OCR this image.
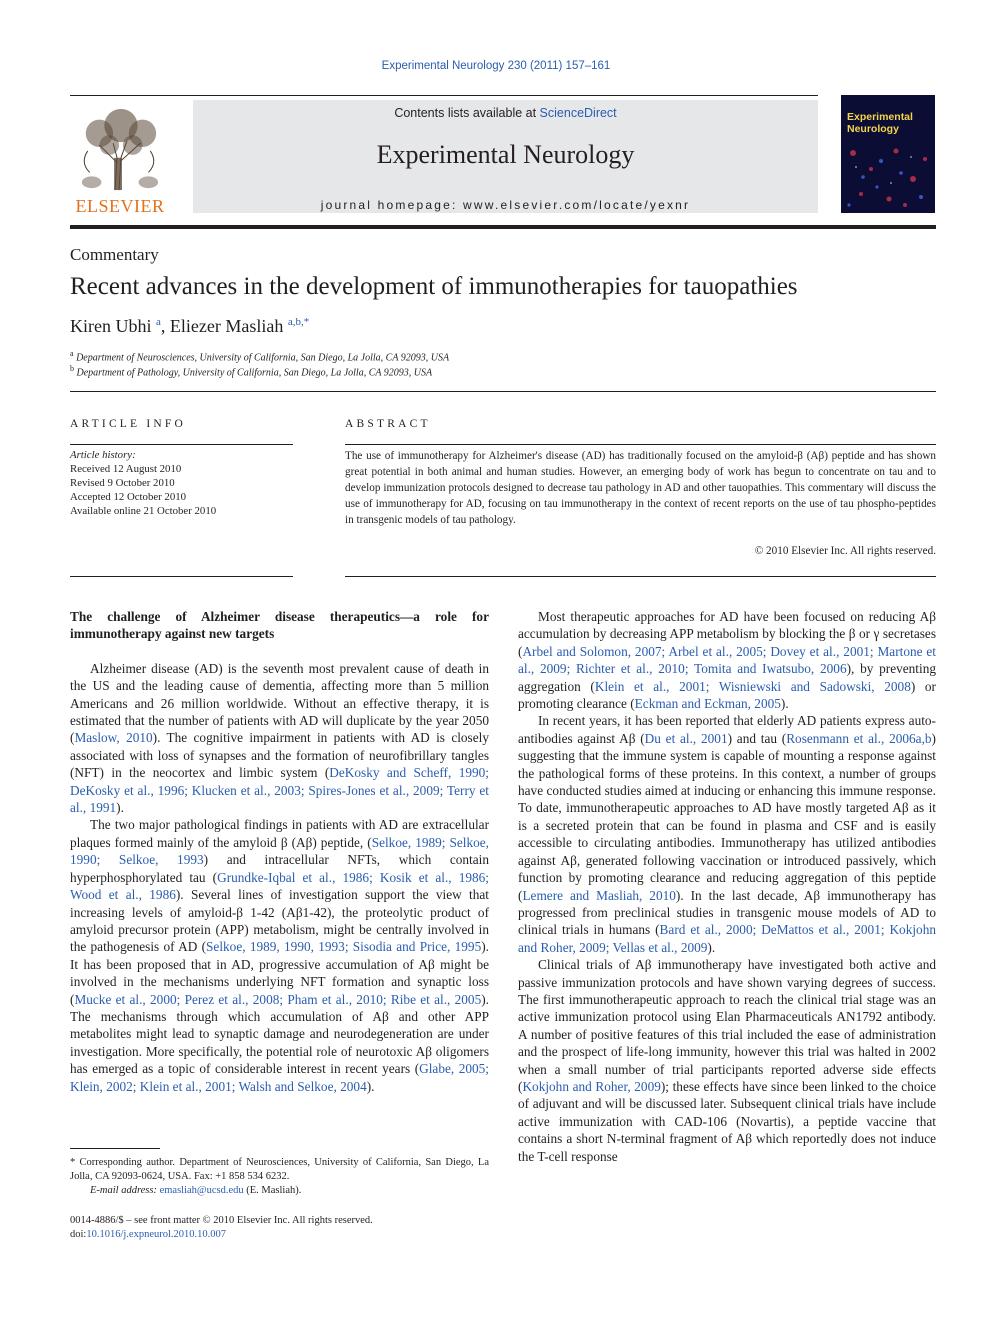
Experimental Neurology 230 (2011) 157–161
ELSEVIER
Contents lists available at ScienceDirect
Experimental Neurology
journal homepage: www.elsevier.com/locate/yexnr
Experimental Neurology
Commentary
Recent advances in the development of immunotherapies for tauopathies
Kiren Ubhi $^a$, Eliezer Masliah $^{a,b,*}$
$^a$ Department of Neurosciences, University of California, San Diego, La Jolla, CA 92093, USA
$^b$ Department of Pathology, University of California, San Diego, La Jolla, CA 92093, USA
ARTICLE INFO
Article history:
Received 12 August 2010
Revised 9 October 2010
Accepted 12 October 2010
Available online 21 October 2010
ABSTRACT
The use of immunotherapy for Alzheimer's disease (AD) has traditionally focused on the amyloid-β (Aβ) peptide and has shown great potential in both animal and human studies. However, an emerging body of work has begun to concentrate on tau and to develop immunization protocols designed to decrease tau pathology in AD and other tauopathies. This commentary will discuss the use of immunotherapy for AD, focusing on tau immunotherapy in the context of recent reports on the use of tau phospho-peptides in transgenic models of tau pathology.
© 2010 Elsevier Inc. All rights reserved.
The challenge of Alzheimer disease therapeutics—a role for immunotherapy against new targets

Alzheimer disease (AD) is the seventh most prevalent cause of death in the US and the leading cause of dementia, affecting more than 5 million Americans and 26 million worldwide. Without an effective therapy, it is estimated that the number of patients with AD will duplicate by the year 2050 (Maslow, 2010). The cognitive impairment in patients with AD is closely associated with loss of synapses and the formation of neurofibrillary tangles (NFT) in the neocortex and limbic system (DeKosky and Scheff, 1990; DeKosky et al., 1996; Klucken et al., 2003; Spires-Jones et al., 2009; Terry et al., 1991).

The two major pathological findings in patients with AD are extracellular plaques formed mainly of the amyloid β (Aβ) peptide, (Selkoe, 1989; Selkoe, 1990; Selkoe, 1993) and intracellular NFTs, which contain hyperphosphorylated tau (Grundke-Iqbal et al., 1986; Kosik et al., 1986; Wood et al., 1986). Several lines of investigation support the view that increasing levels of amyloid-β 1-42 (Aβ1-42), the proteolytic product of amyloid precursor protein (APP) metabolism, might be centrally involved in the pathogenesis of AD (Selkoe, 1989, 1990, 1993; Sisodia and Price, 1995). It has been proposed that in AD, progressive accumulation of Aβ might be involved in the mechanisms underlying NFT formation and synaptic loss (Mucke et al., 2000; Perez et al., 2008; Pham et al., 2010; Ribe et al., 2005). The mechanisms through which accumulation of Aβ and other APP metabolites might lead to synaptic damage and neurodegeneration are under investigation. More specifically, the potential role of neurotoxic Aβ oligomers has emerged as a topic of considerable interest in recent years (Glabe, 2005; Klein, 2002; Klein et al., 2001; Walsh and Selkoe, 2004).

Most therapeutic approaches for AD have been focused on reducing Aβ accumulation by decreasing APP metabolism by blocking the β or γ secretases (Arbel and Solomon, 2007; Arbel et al., 2005; Dovey et al., 2001; Martone et al., 2009; Richter et al., 2010; Tomita and Iwatsubo, 2006), by preventing aggregation (Klein et al., 2001; Wisniewski and Sadowski, 2008) or promoting clearance (Eckman and Eckman, 2005).

In recent years, it has been reported that elderly AD patients express auto-antibodies against Aβ (Du et al., 2001) and tau (Rosenmann et al., 2006a,b) suggesting that the immune system is capable of mounting a response against the pathological forms of these proteins. In this context, a number of groups have conducted studies aimed at inducing or enhancing this immune response. To date, immunotherapeutic approaches to AD have mostly targeted Aβ as it is a secreted protein that can be found in plasma and CSF and is easily accessible to circulating antibodies. Immunotherapy has utilized antibodies against Aβ, generated following vaccination or introduced passively, which function by promoting clearance and reducing aggregation of this peptide (Lemere and Masliah, 2010). In the last decade, Aβ immunotherapy has progressed from preclinical studies in transgenic mouse models of AD to clinical trials in humans (Bard et al., 2000; DeMattos et al., 2001; Kokjohn and Roher, 2009; Vellas et al., 2009).

Clinical trials of Aβ immunotherapy have investigated both active and passive immunization protocols and have shown varying degrees of success. The first immunotherapeutic approach to reach the clinical trial stage was an active immunization protocol using Elan Pharmaceuticals AN1792 antibody. A number of positive features of this trial included the ease of administration and the prospect of life-long immunity, however this trial was halted in 2002 when a small number of trial participants reported adverse side effects (Kokjohn and Roher, 2009); these effects have since been linked to the choice of adjuvant and will be discussed later. Subsequent clinical trials have include active immunization with CAD-106 (Novartis), a peptide vaccine that contains a short N-terminal fragment of Aβ which reportedly does not induce the T-cell response

* Corresponding author. Department of Neurosciences, University of California, San Diego, La Jolla, CA 92093-0624, USA. Fax: +1 858 534 6232.

E-mail address: emasliah@ucsd.edu (E. Masliah).

0014-4886/$ – see front matter © 2010 Elsevier Inc. All rights reserved.
doi:10.1016/j.expneurol.2010.10.007
